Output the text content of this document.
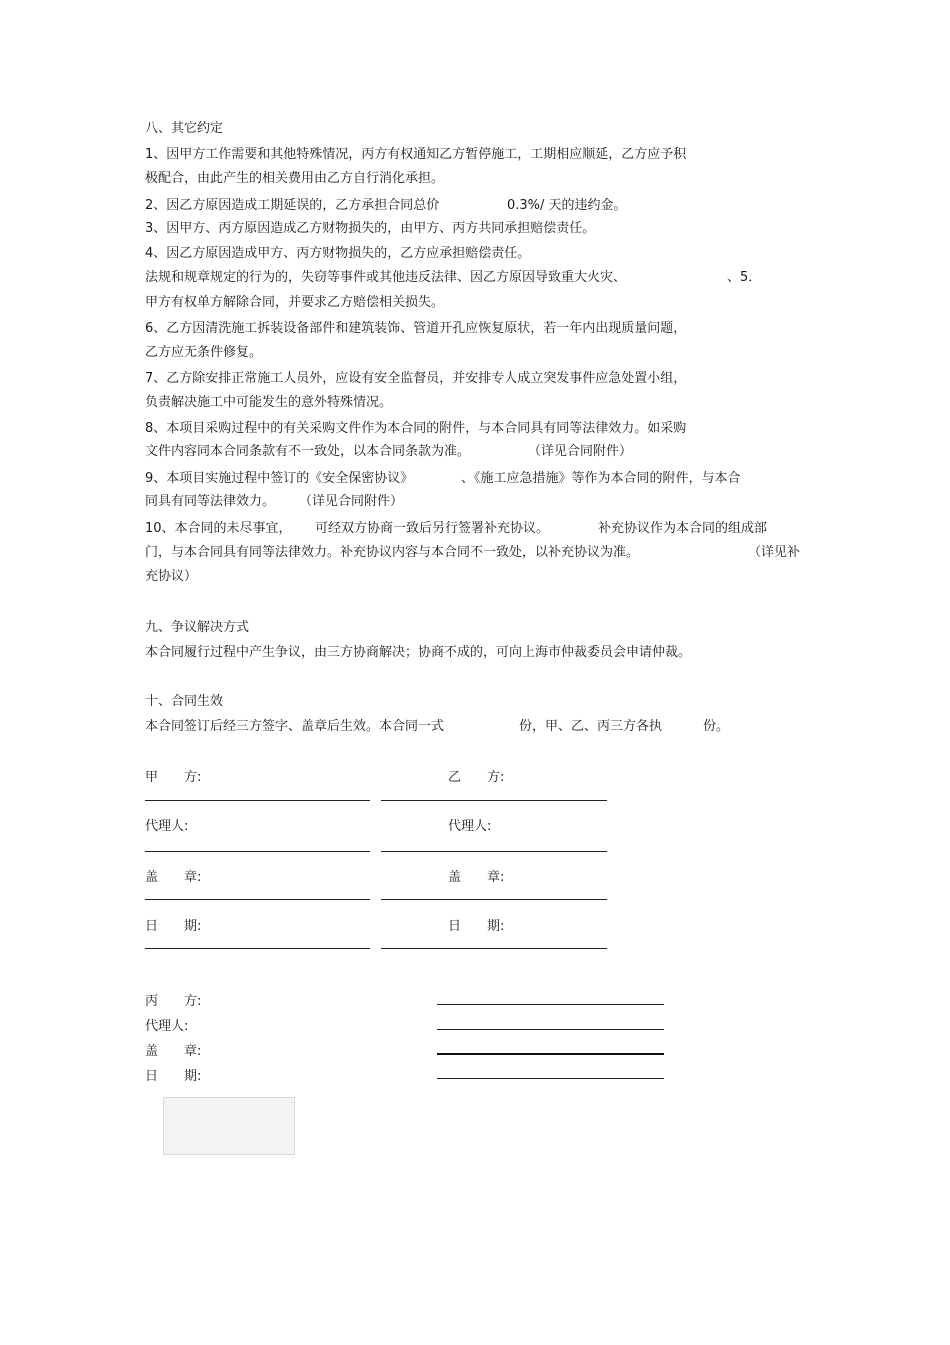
八、其它约定
1、因甲方工作需要和其他特殊情况，丙方有权通知乙方暂停施工，工期相应顺延，乙方应予积
极配合，由此产生的相关费用由乙方自行消化承担。
2、因乙方原因造成工期延误的，乙方承担合同总价	0.3%/ 天的违约金。
3、因甲方、丙方原因造成乙方财物损失的，由甲方、丙方共同承担赔偿责任。
4、因乙方原因造成甲方、丙方财物损失的，乙方应承担赔偿责任。
法规和规章规定的行为的，失窃等事件或其他违反法律、因乙方原因导致重大火灾、	、5．
甲方有权单方解除合同，并要求乙方赔偿相关损失。
6、乙方因清洗施工拆装设备部件和建筑装饰、管道开孔应恢复原状，若一年内出现质量问题，
乙方应无条件修复。
7、乙方除安排正常施工人员外，应设有安全监督员，并安排专人成立突发事件应急处置小组，
负责解决施工中可能发生的意外特殊情况。
8、本项目采购过程中的有关采购文件作为本合同的附件，与本合同具有同等法律效力。如采购
文件内容同本合同条款有不一致处，以本合同条款为准。	（详见合同附件）
9、本项目实施过程中签订的《安全保密协议》	、《施工应急措施》等作为本合同的附件，与本合
同具有同等法律效力。 （详见合同附件）
10、本合同的未尽事宜， 可经双方协商一致后另行签署补充协议。	补充协议作为本合同的组成部
门，与本合同具有同等法律效力。补充协议内容与本合同不一致处，以补充协议为准。	（详见补
充协议）
九、争议解决方式
本合同履行过程中产生争议，由三方协商解决；协商不成的，可向上海市仲裁委员会申请仲裁。
十、合同生效
本合同签订后经三方签字、盖章后生效。本合同一式	份，甲、乙、丙三方各执	份。
甲　　方:	乙　　方:
代理人:	代理人:
盖　　章:	盖　　章:
日　　期:	日　　期:
丙　　方:
代理人:
盖　　章:
日　　期:
